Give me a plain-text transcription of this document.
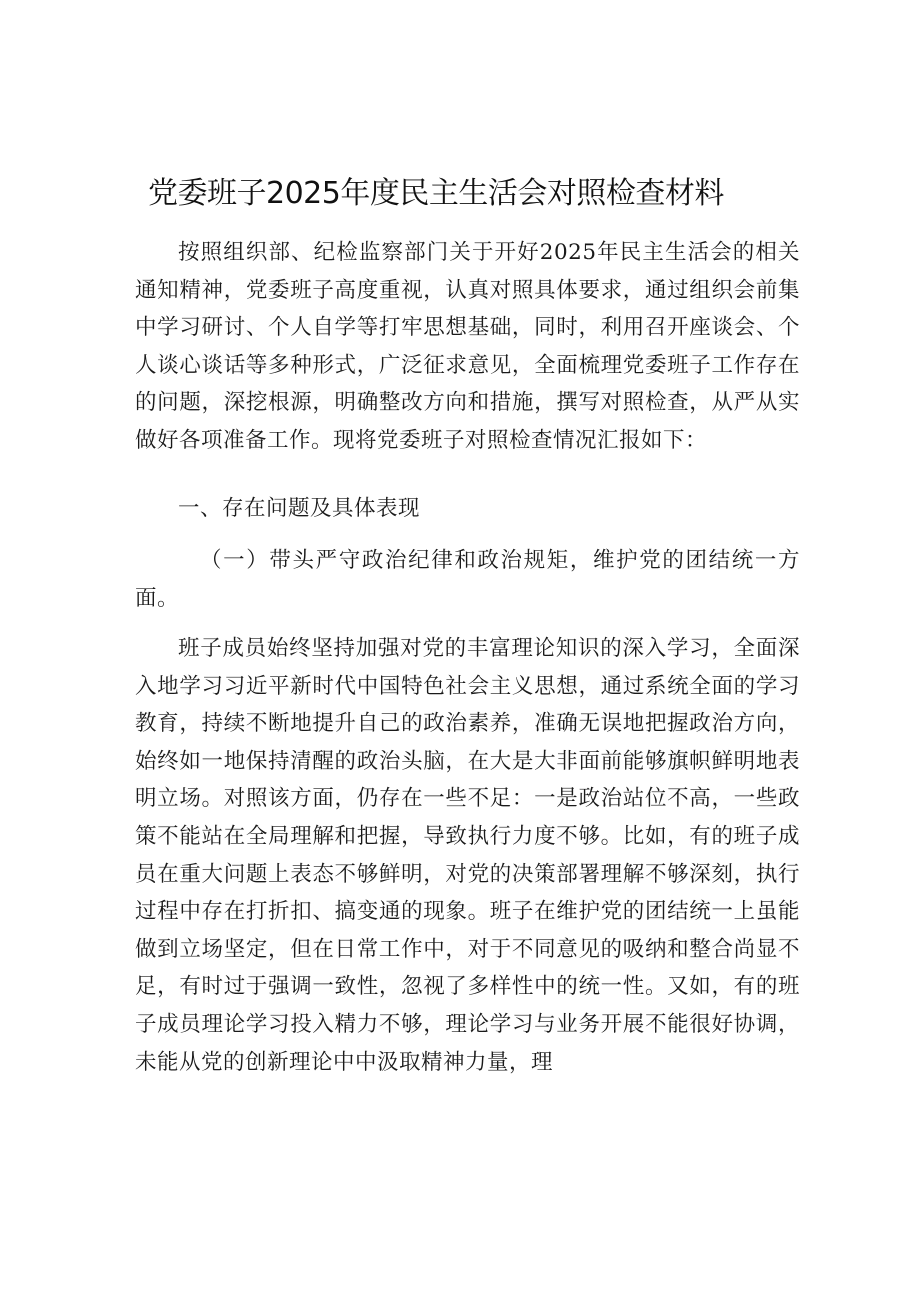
党委班子2025年度民主生活会对照检查材料
按照组织部、纪检监察部门关于开好2025年民主生活会的相关通知精神，党委班子高度重视，认真对照具体要求，通过组织会前集中学习研讨、个人自学等打牢思想基础，同时，利用召开座谈会、个人谈心谈话等多种形式，广泛征求意见，全面梳理党委班子工作存在的问题，深挖根源，明确整改方向和措施，撰写对照检查，从严从实做好各项准备工作。现将党委班子对照检查情况汇报如下：
一、存在问题及具体表现
（一）带头严守政治纪律和政治规矩，维护党的团结统一方面。
班子成员始终坚持加强对党的丰富理论知识的深入学习，全面深入地学习习近平新时代中国特色社会主义思想，通过系统全面的学习教育，持续不断地提升自己的政治素养，准确无误地把握政治方向，始终如一地保持清醒的政治头脑，在大是大非面前能够旗帜鲜明地表明立场。对照该方面，仍存在一些不足：一是政治站位不高，一些政策不能站在全局理解和把握，导致执行力度不够。比如，有的班子成员在重大问题上表态不够鲜明，对党的决策部署理解不够深刻，执行过程中存在打折扣、搞变通的现象。班子在维护党的团结统一上虽能做到立场坚定，但在日常工作中，对于不同意见的吸纳和整合尚显不足，有时过于强调一致性，忽视了多样性中的统一性。又如，有的班子成员理论学习投入精力不够，理论学习与业务开展不能很好协调，未能从党的创新理论中中汲取精神力量，理
